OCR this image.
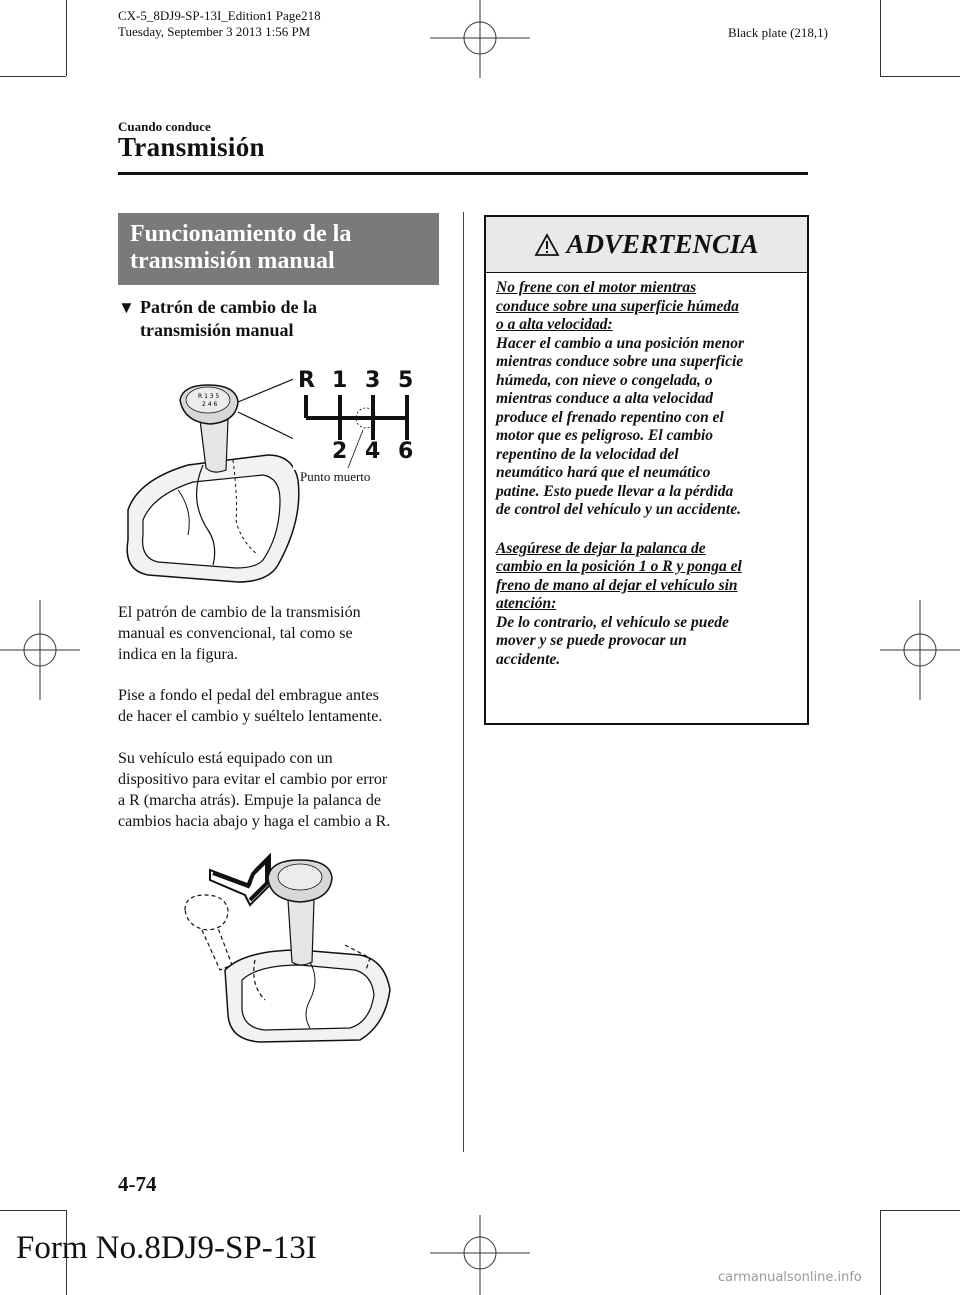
CX-5_8DJ9-SP-13I_Edition1 Page218
Tuesday, September 3 2013 1:56 PM	Black plate (218,1)
Cuando conduce
Transmisión
Funcionamiento de la
transmisión manual
▼ Patrón de cambio de la
transmisión manual
R 1 3 5
2 4 6
R 1 3 5
2 4 6
Punto muerto
El patrón de cambio de la transmisión
manual es convencional, tal como se
indica en la figura.
Pise a fondo el pedal del embrague antes
de hacer el cambio y suéltelo lentamente.
Su vehículo está equipado con un
dispositivo para evitar el cambio por error
a R (marcha atrás). Empuje la palanca de
cambios hacia abajo y haga el cambio a R.
ADVERTENCIA
No frene con el motor mientras
conduce sobre una superficie húmeda
o a alta velocidad:
Hacer el cambio a una posición menor
mientras conduce sobre una superficie
húmeda, con nieve o congelada, o
mientras conduce a alta velocidad
produce el frenado repentino con el
motor que es peligroso. El cambio
repentino de la velocidad del
neumático hará que el neumático
patine. Esto puede llevar a la pérdida
de control del vehículo y un accidente.
Asegúrese de dejar la palanca de
cambio en la posición 1 o R y ponga el
freno de mano al dejar el vehículo sin
atención:
De lo contrario, el vehículo se puede
mover y se puede provocar un
accidente.
4-74
Form No.8DJ9-SP-13I
carmanualsonline.info
